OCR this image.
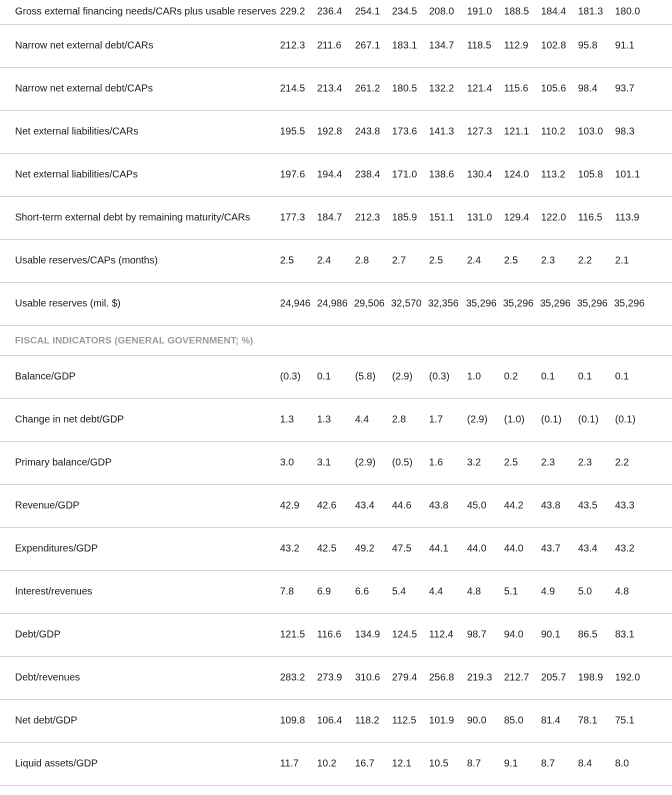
Gross external financing needs/CARs plus usable reserves 229.2 236.4 254.1 234.5 208.0 191.0 188.5 184.4 181.3 180.0
Narrow net external debt/CARs	212.3 211.6 267.1 183.1 134.7 118.5 112.9 102.8 95.8 91.1
Narrow net external debt/CAPs	214.5 213.4 261.2 180.5 132.2 121.4 115.6 105.6 98.4 93.7
Net external liabilities/CARs	195.5 192.8 243.8 173.6 141.3 127.3 121.1 110.2 103.0 98.3
Net external liabilities/CAPs	197.6 194.4 238.4 171.0 138.6 130.4 124.0 113.2 105.8 101.1
Short-term external debt by remaining maturity/CARs	177.3 184.7 212.3 185.9 151.1 131.0 129.4 122.0 116.5 113.9
Usable reserves/CAPs (months)	2.5 2.4 2.8 2.7 2.5 2.4 2.5 2.3 2.2 2.1
Usable reserves (mil. $)	24,946 24,986 29,506 32,570 32,356 35,296 35,296 35,296 35,296 35,296
FISCAL INDICATORS (GENERAL GOVERNMENT; %)
Balance/GDP	(0.3) 0.1 (5.8) (2.9) (0.3) 1.0 0.2 0.1 0.1 0.1
Change in net debt/GDP	1.3 1.3 4.4 2.8 1.7 (2.9) (1.0) (0.1) (0.1) (0.1)
Primary balance/GDP	3.0 3.1 (2.9) (0.5) 1.6 3.2 2.5 2.3 2.3 2.2
Revenue/GDP	42.9 42.6 43.4 44.6 43.8 45.0 44.2 43.8 43.5 43.3
Expenditures/GDP	43.2 42.5 49.2 47.5 44.1 44.0 44.0 43.7 43.4 43.2
Interest/revenues	7.8 6.9 6.6 5.4 4.4 4.8 5.1 4.9 5.0 4.8
Debt/GDP	121.5 116.6 134.9 124.5 112.4 98.7 94.0 90.1 86.5 83.1
Debt/revenues	283.2 273.9 310.6 279.4 256.8 219.3 212.7 205.7 198.9 192.0
Net debt/GDP	109.8 106.4 118.2 112.5 101.9 90.0 85.0 81.4 78.1 75.1
Liquid assets/GDP	11.7 10.2 16.7 12.1 10.5 8.7 9.1 8.7 8.4 8.0
